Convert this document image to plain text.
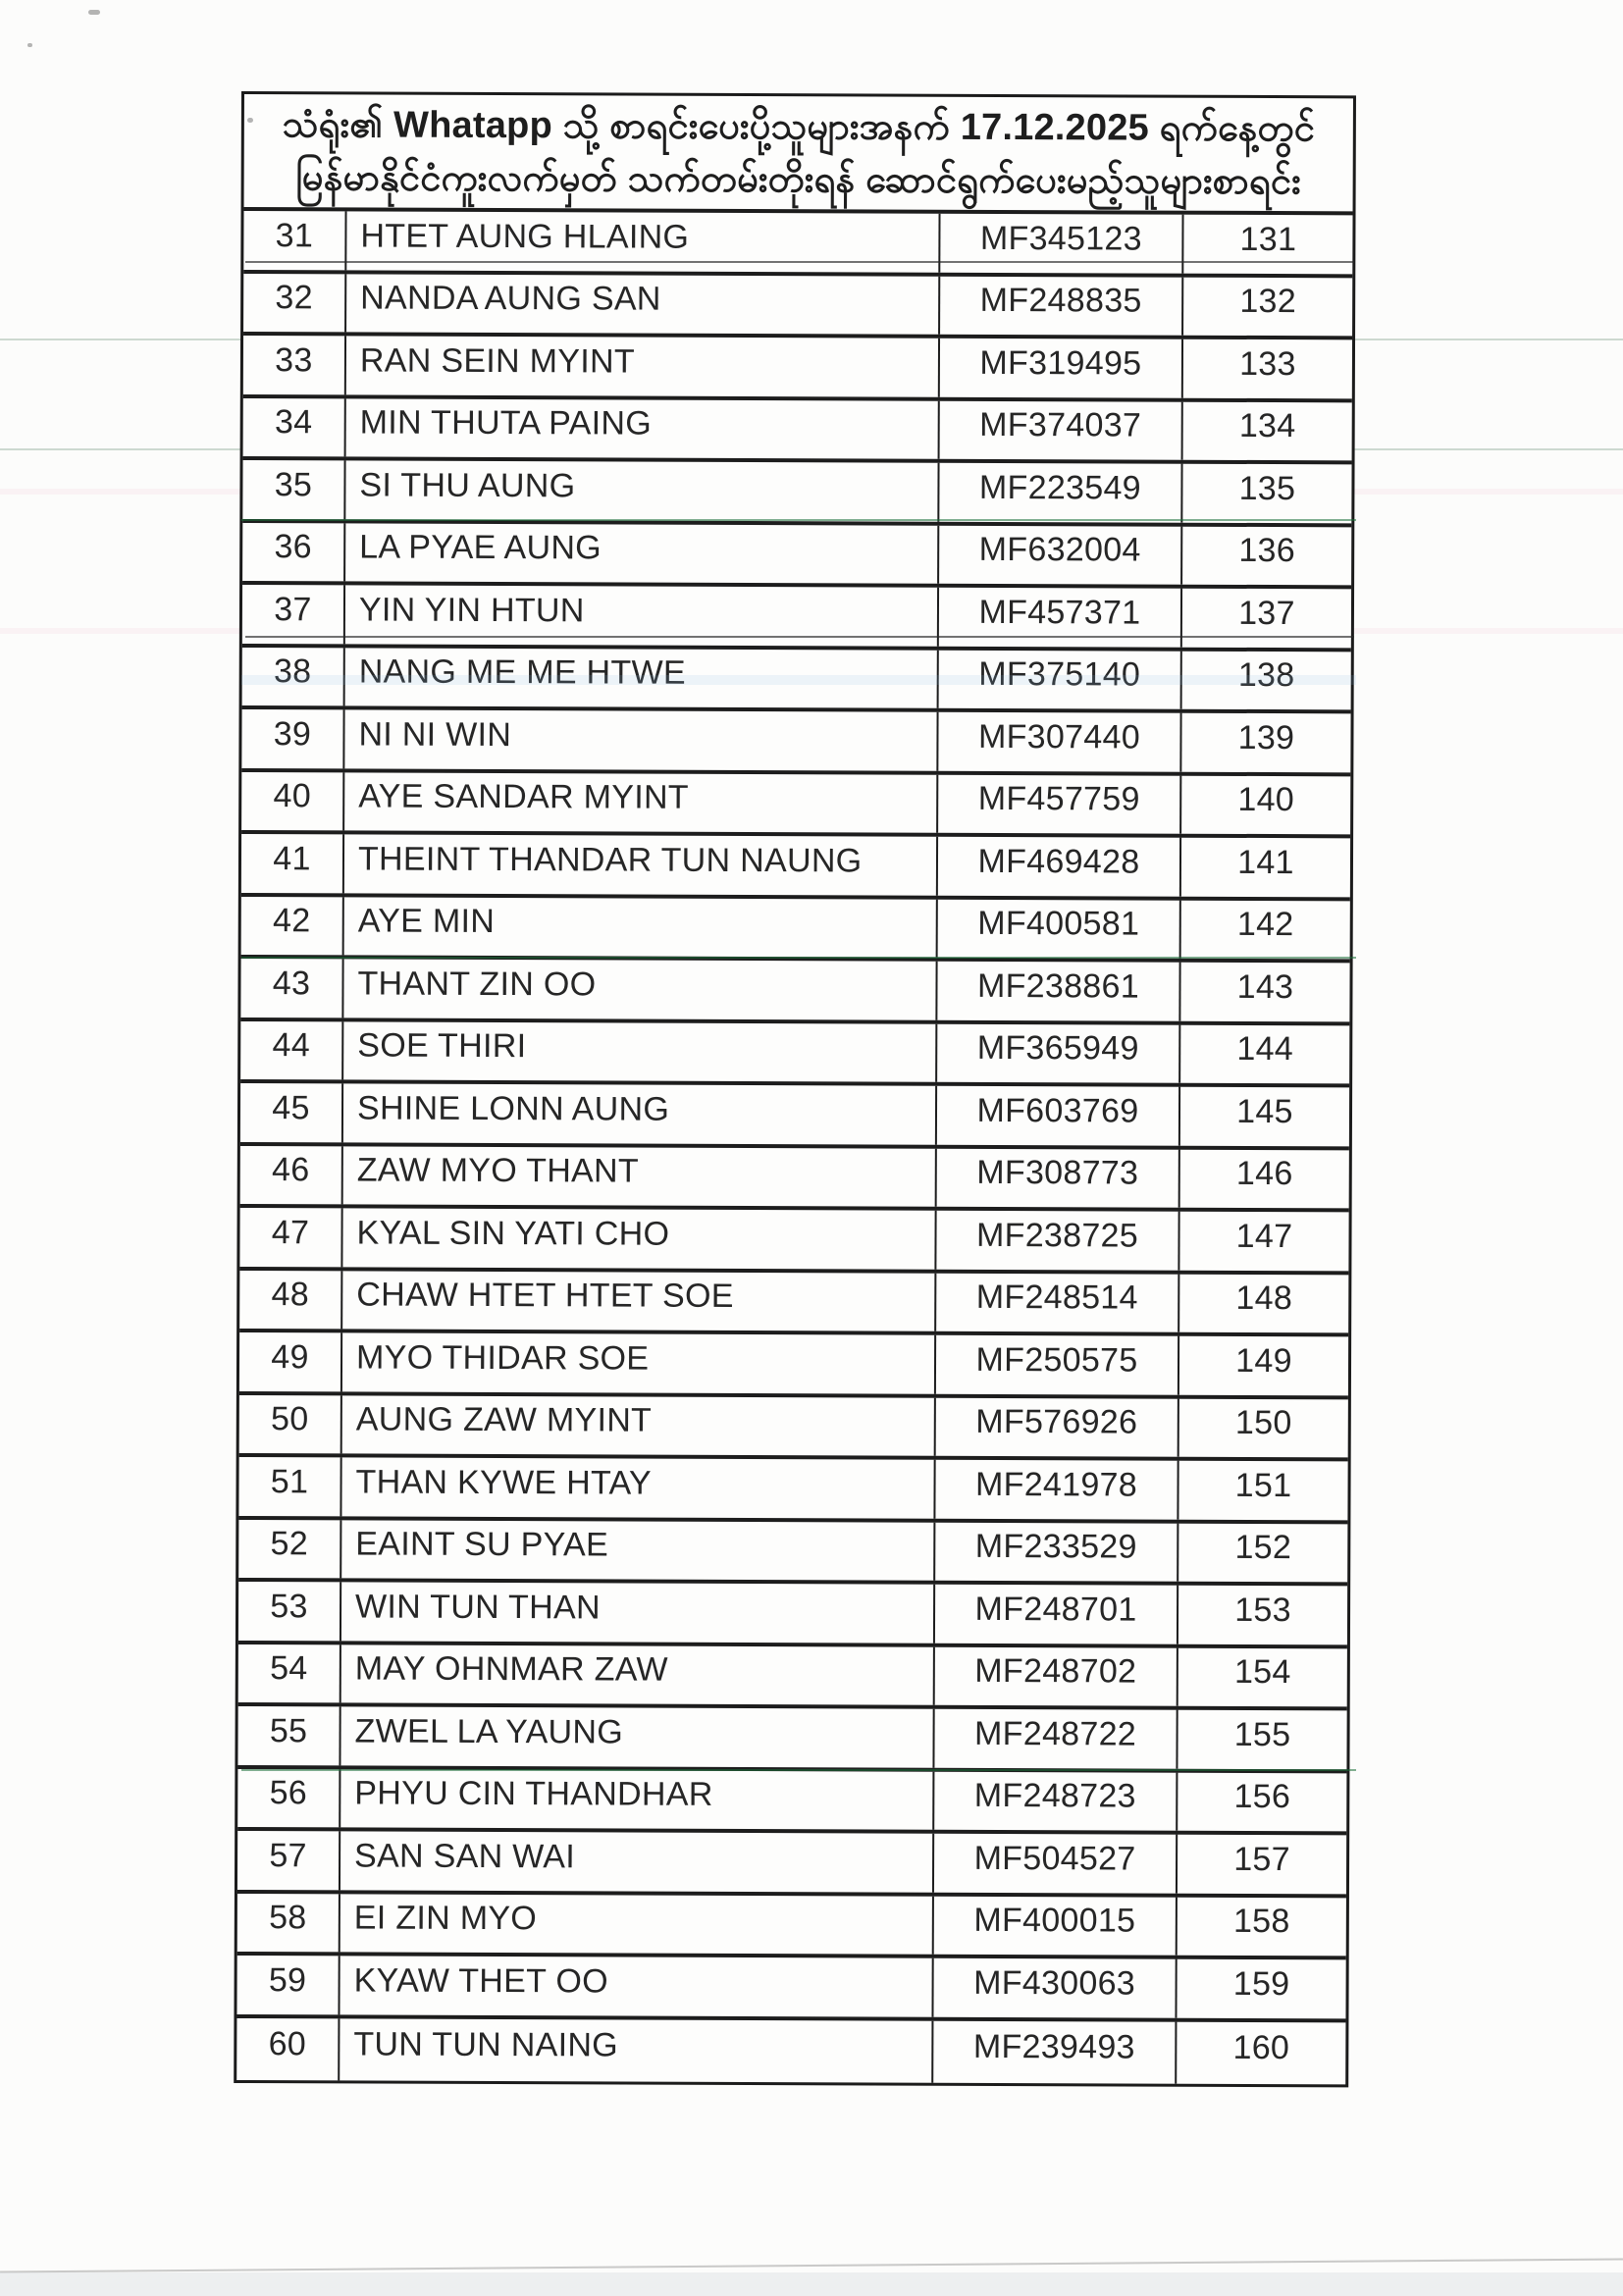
သံရုံး၏ Whatapp သို့ စာရင်းပေးပို့သူများအနက် 17.12.2025 ရက်နေ့တွင်
မြန်မာနိုင်ငံကူးလက်မှတ် သက်တမ်းတိုးရန် ဆောင်ရွက်ပေးမည့်သူများစာရင်း
31	HTET AUNG HLAING	MF345123	131
32	NANDA AUNG SAN	MF248835	132
33	RAN SEIN MYINT	MF319495	133
34	MIN THUTA PAING	MF374037	134
35	SI THU AUNG	MF223549	135
36	LA PYAE AUNG	MF632004	136
37	YIN YIN HTUN	MF457371	137
38	NANG ME ME HTWE	MF375140	138
39	NI NI WIN	MF307440	139
40	AYE SANDAR MYINT	MF457759	140
41	THEINT THANDAR TUN NAUNG	MF469428	141
42	AYE MIN	MF400581	142
43	THANT ZIN OO	MF238861	143
44	SOE THIRI	MF365949	144
45	SHINE LONN AUNG	MF603769	145
46	ZAW MYO THANT	MF308773	146
47	KYAL SIN YATI CHO	MF238725	147
48	CHAW HTET HTET SOE	MF248514	148
49	MYO THIDAR SOE	MF250575	149
50	AUNG ZAW MYINT	MF576926	150
51	THAN KYWE HTAY	MF241978	151
52	EAINT SU PYAE	MF233529	152
53	WIN TUN THAN	MF248701	153
54	MAY OHNMAR ZAW	MF248702	154
55	ZWEL LA YAUNG	MF248722	155
56	PHYU CIN THANDHAR	MF248723	156
57	SAN SAN WAI	MF504527	157
58	EI ZIN MYO	MF400015	158
59	KYAW THET OO	MF430063	159
60	TUN TUN NAING	MF239493	160
